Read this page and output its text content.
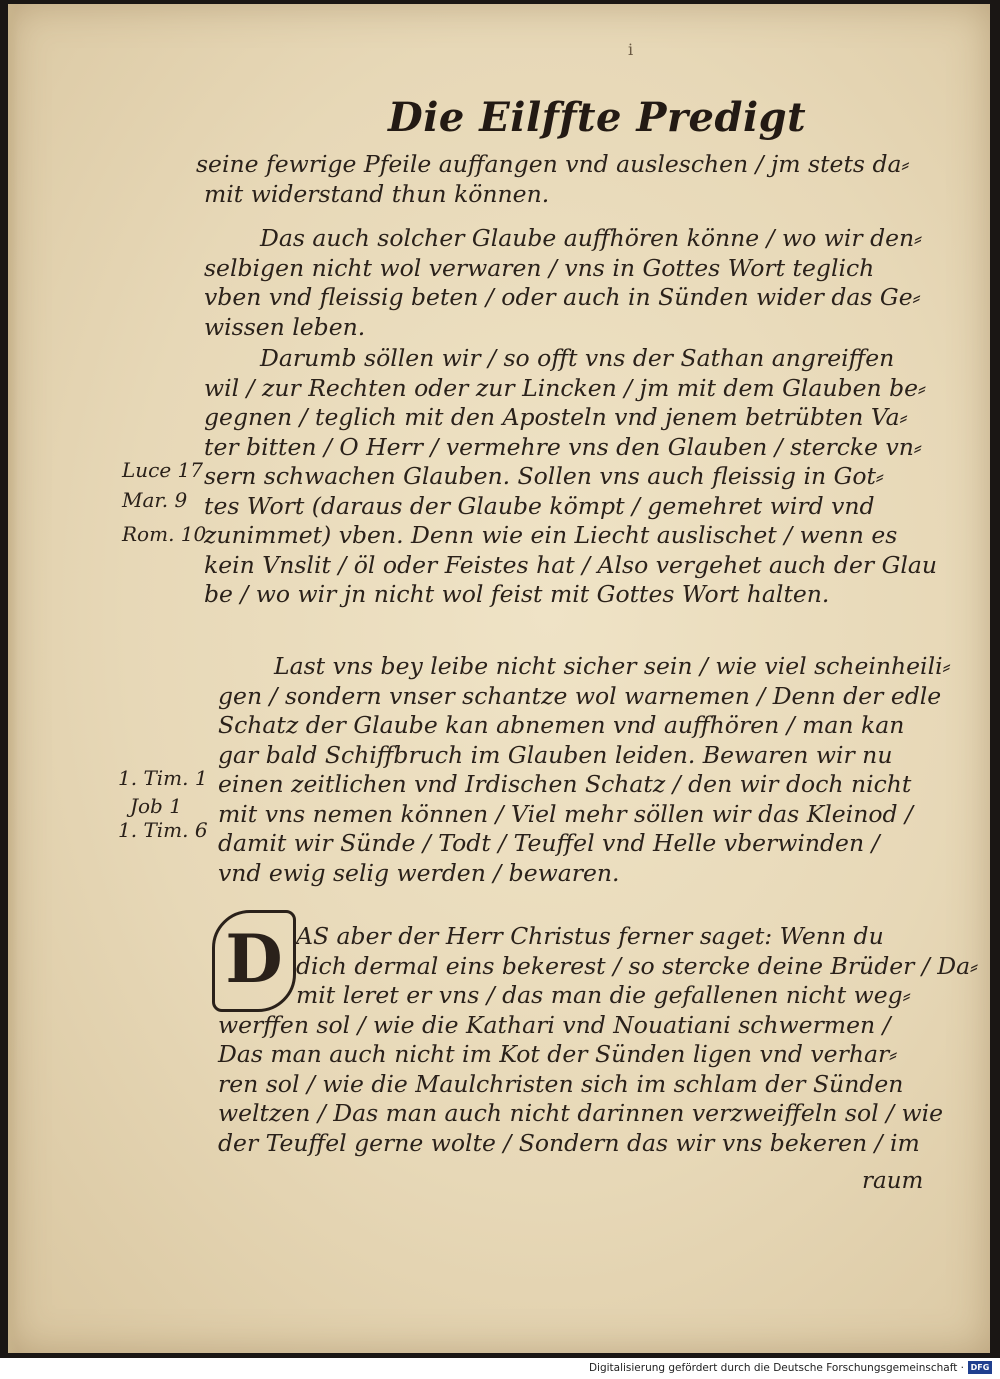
i
Die Eilffte Predigt
seine fewrige Pfeile auffangen vnd ausleschen / jm stets da⸗
mit widerstand thun können.
Das auch solcher Glaube auffhören könne / wo wir den⸗
selbigen nicht wol verwaren / vns in Gottes Wort teglich
vben vnd fleissig beten / oder auch in Sünden wider das Ge⸗
wissen leben.
Darumb söllen wir / so offt vns der Sathan angreiffen
wil / zur Rechten oder zur Lincken / jm mit dem Glauben be⸗
gegnen / teglich mit den Aposteln vnd jenem betrübten Va⸗
ter bitten / O Herr / vermehre vns den Glauben / stercke vn⸗
sern schwachen Glauben. Sollen vns auch fleissig in Got⸗
tes Wort (daraus der Glaube kömpt / gemehret wird vnd
zunimmet) vben. Denn wie ein Liecht auslischet / wenn es
kein Vnslit / öl oder Feistes hat / Also vergehet auch der Glau
be / wo wir jn nicht wol feist mit Gottes Wort halten.
Last vns bey leibe nicht sicher sein / wie viel scheinheili⸗
gen / sondern vnser schantze wol warnemen / Denn der edle
Schatz der Glaube kan abnemen vnd auffhören / man kan
gar bald Schiffbruch im Glauben leiden. Bewaren wir nu
einen zeitlichen vnd Irdischen Schatz / den wir doch nicht
mit vns nemen können / Viel mehr söllen wir das Kleinod /
damit wir Sünde / Todt / Teuffel vnd Helle vberwinden /
vnd ewig selig werden / bewaren.
D AS aber der Herr Christus ferner saget: Wenn du
dich dermal eins bekerest / so stercke deine Brüder / Da⸗
mit leret er vns / das man die gefallenen nicht weg⸗
werffen sol / wie die Kathari vnd Nouatiani schwermen /
Das man auch nicht im Kot der Sünden ligen vnd verhar⸗
ren sol / wie die Maulchristen sich im schlam der Sünden
weltzen / Das man auch nicht darinnen verzweiffeln sol / wie
der Teuffel gerne wolte / Sondern das wir vns bekeren / im
raum
Luce 17
Mar. 9
Rom. 10
1. Tim. 1
Job 1
1. Tim. 6
Digitalisierung gefördert durch die Deutsche Forschungsgemeinschaft · DFG
